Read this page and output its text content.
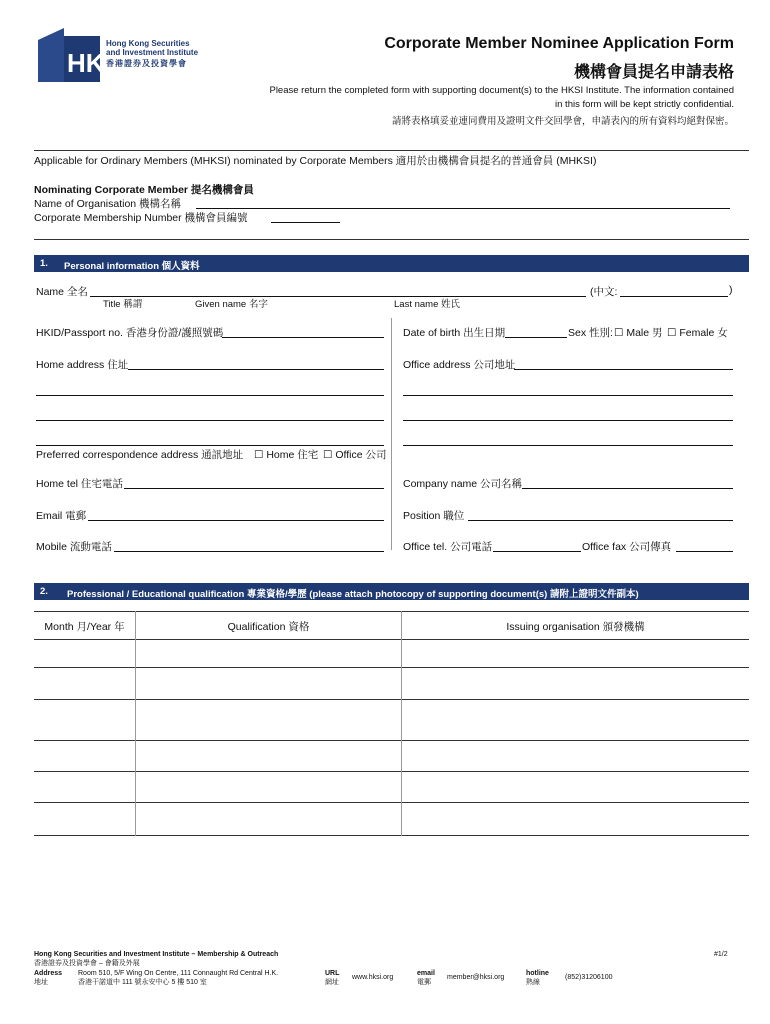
HKSI
Hong Kong Securities
and Investment Institute
香港證券及投資學會
Corporate Member Nominee Application Form
機構會員提名申請表格
Please return the completed form with supporting document(s) to the HKSI Institute. The information contained
in this form will be kept strictly confidential.
請將表格填妥並連同費用及證明文件交回學會，申請表內的所有資料均絕對保密。
Applicable for Ordinary Members (MHKSI) nominated by Corporate Members 適用於由機構會員提名的普通會員 (MHKSI)
Nominating Corporate Member 提名機構會員
Name of Organisation 機構名稱
Corporate Membership Number 機構會員編號
1. Personal information 個人資料
Name 全名	(中文:	)
Title 稱謂	Given name 名字	Last name 姓氏
HKID/Passport no. 香港身份證/護照號碼	Date of birth 出生日期	Sex 性別: ☐ Male 男 ☐ Female 女
Home address 住址	Office address 公司地址
Preferred correspondence address 通訊地址 ☐ Home 住宅 ☐ Office 公司
Home tel 住宅電話	Company name 公司名稱
Email 電郵	Position 職位
Mobile 流動電話	Office tel. 公司電話	Office fax 公司傳真
2. Professional / Educational qualification 專業資格/學歷 (please attach photocopy of supporting document(s) 請附上證明文件副本)
Month 月/Year 年	Qualification 資格	Issuing organisation 頒發機構
Hong Kong Securities and Investment Institute – Membership & Outreach
香港證券及投資學會 – 會籍及外展
Address
地址
Room 510, 5/F Wing On Centre, 111 Connaught Rd Central H.K.
香港干諾道中 111 號永安中心 5 樓 510 室
URL
網址
www.hksi.org
email
電郵
member@hksi.org
hotline
熱線
(852)31206100
#1/2
